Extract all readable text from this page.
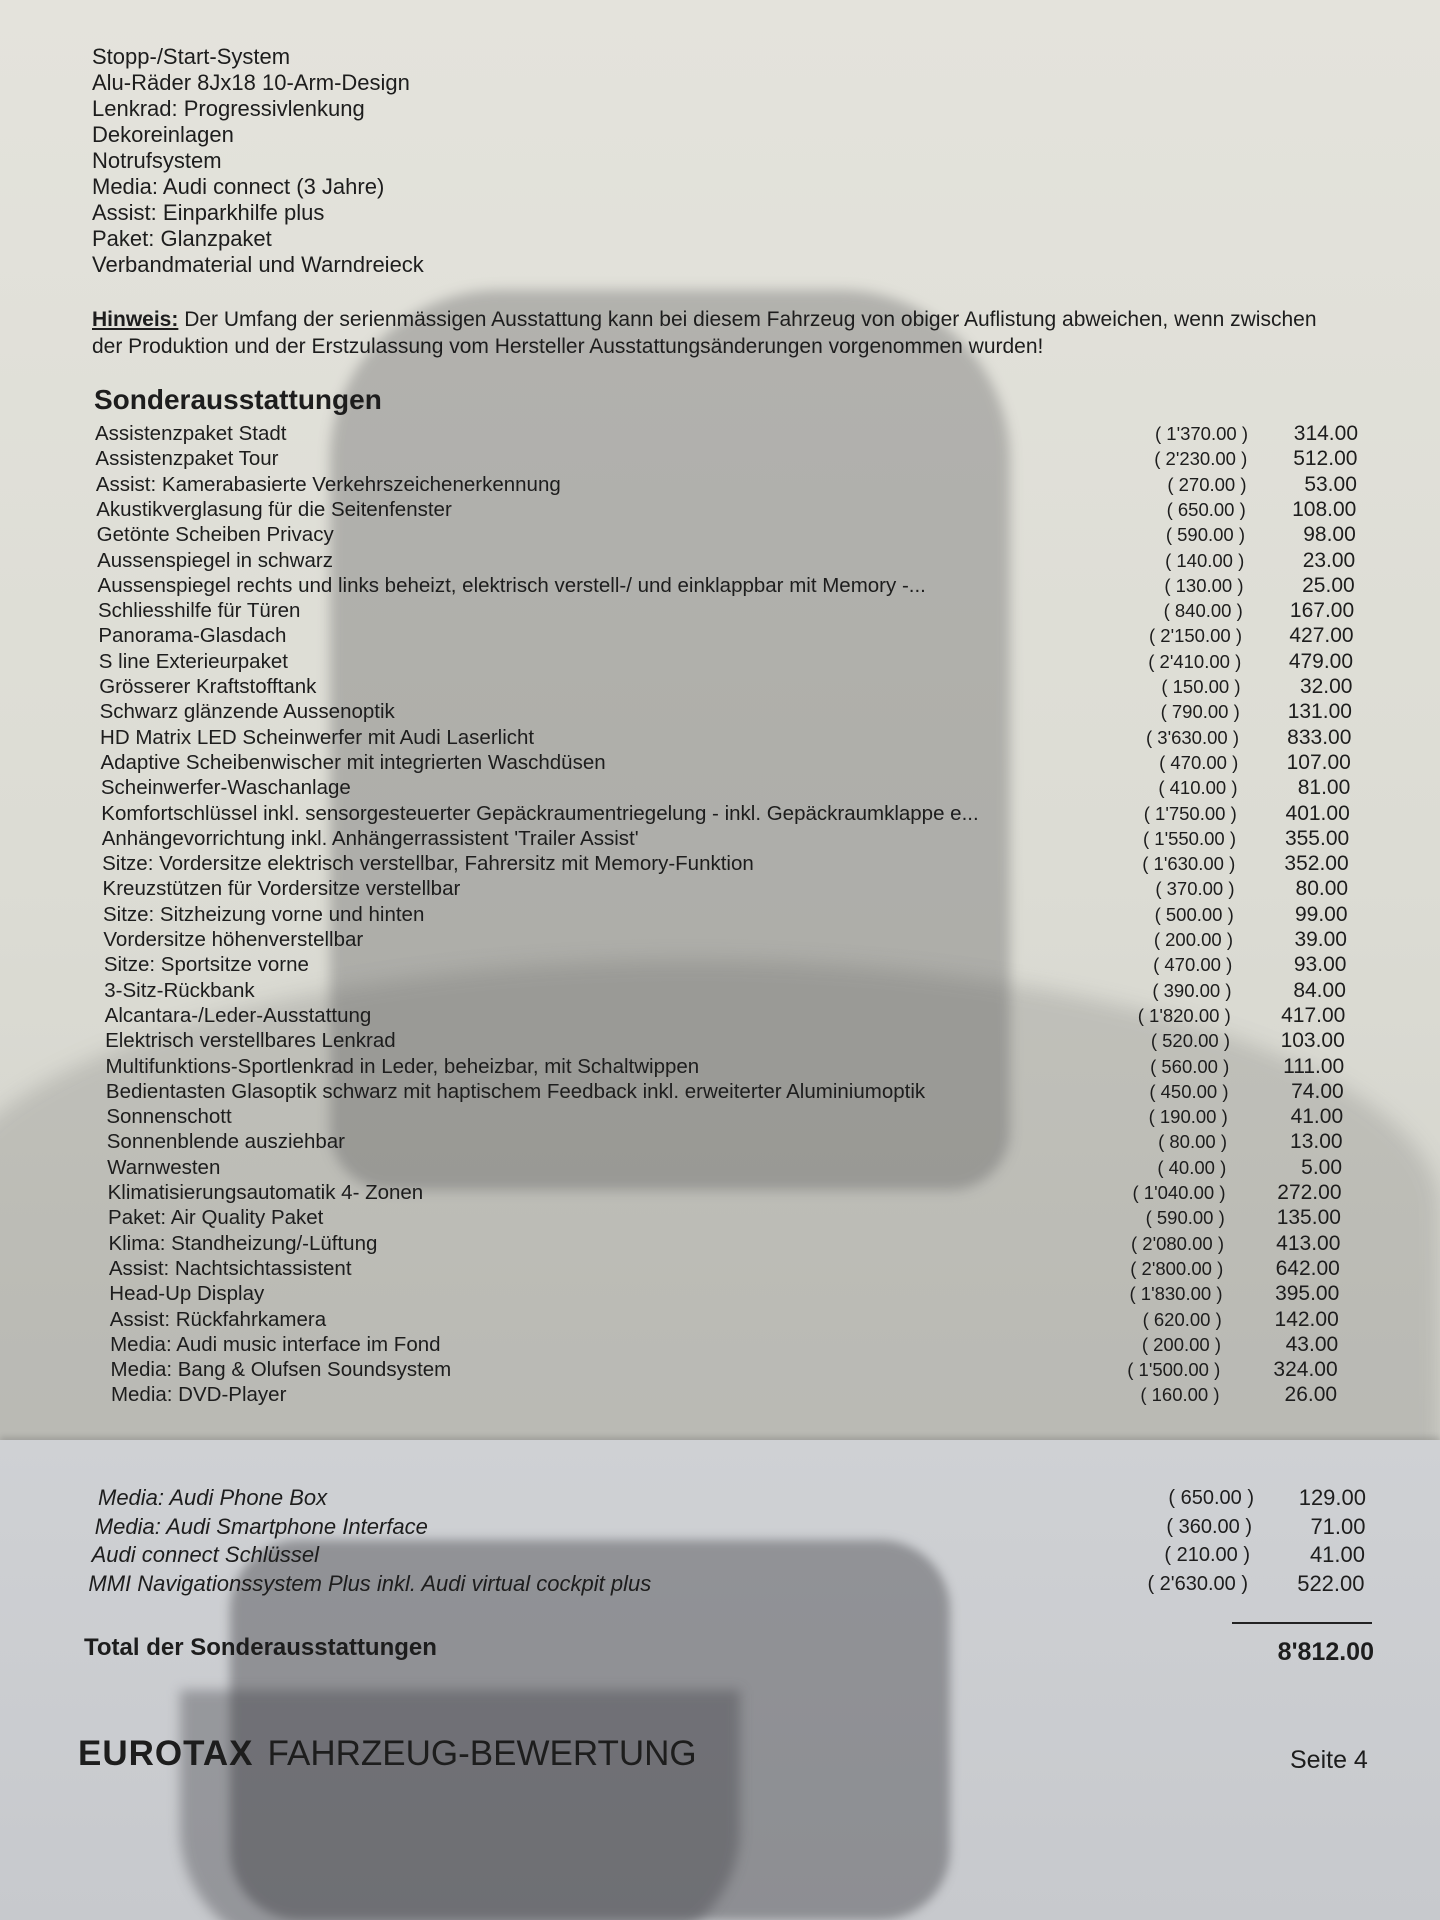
Stopp-/Start-System
Alu-Räder 8Jx18 10-Arm-Design
Lenkrad: Progressivlenkung
Dekoreinlagen
Notrufsystem
Media: Audi connect (3 Jahre)
Assist: Einparkhilfe plus
Paket: Glanzpaket
Verbandmaterial und Warndreieck
Hinweis: Der Umfang der serienmässigen Ausstattung kann bei diesem Fahrzeug von obiger Auflistung abweichen, wenn zwischen der Produktion und der Erstzulassung vom Hersteller Ausstattungsänderungen vorgenommen wurden!
Sonderausstattungen
Assistenzpaket Stadt	( 1'370.00 )	314.00
Assistenzpaket Tour	( 2'230.00 )	512.00
Assist: Kamerabasierte Verkehrszeichenerkennung	( 270.00 )	53.00
Akustikverglasung für die Seitenfenster	( 650.00 )	108.00
Getönte Scheiben Privacy	( 590.00 )	98.00
Aussenspiegel in schwarz	( 140.00 )	23.00
Aussenspiegel rechts und links beheizt, elektrisch verstell-/ und einklappbar mit Memory -...	( 130.00 )	25.00
Schliesshilfe für Türen	( 840.00 )	167.00
Panorama-Glasdach	( 2'150.00 )	427.00
S line Exterieurpaket	( 2'410.00 )	479.00
Grösserer Kraftstofftank	( 150.00 )	32.00
Schwarz glänzende Aussenoptik	( 790.00 )	131.00
HD Matrix LED Scheinwerfer mit Audi Laserlicht	( 3'630.00 )	833.00
Adaptive Scheibenwischer mit integrierten Waschdüsen	( 470.00 )	107.00
Scheinwerfer-Waschanlage	( 410.00 )	81.00
Komfortschlüssel inkl. sensorgesteuerter Gepäckraumentriegelung - inkl. Gepäckraumklappe e...	( 1'750.00 )	401.00
Anhängevorrichtung inkl. Anhängerrassistent 'Trailer Assist'	( 1'550.00 )	355.00
Sitze: Vordersitze elektrisch verstellbar, Fahrersitz mit Memory-Funktion	( 1'630.00 )	352.00
Kreuzstützen für Vordersitze verstellbar	( 370.00 )	80.00
Sitze: Sitzheizung vorne und hinten	( 500.00 )	99.00
Vordersitze höhenverstellbar	( 200.00 )	39.00
Sitze: Sportsitze vorne	( 470.00 )	93.00
3-Sitz-Rückbank	( 390.00 )	84.00
Alcantara-/Leder-Ausstattung	( 1'820.00 )	417.00
Elektrisch verstellbares Lenkrad	( 520.00 )	103.00
Multifunktions-Sportlenkrad in Leder, beheizbar, mit Schaltwippen	( 560.00 )	111.00
Bedientasten Glasoptik schwarz mit haptischem Feedback inkl. erweiterter Aluminiumoptik	( 450.00 )	74.00
Sonnenschott	( 190.00 )	41.00
Sonnenblende ausziehbar	( 80.00 )	13.00
Warnwesten	( 40.00 )	5.00
Klimatisierungsautomatik 4- Zonen	( 1'040.00 )	272.00
Paket: Air Quality Paket	( 590.00 )	135.00
Klima: Standheizung/-Lüftung	( 2'080.00 )	413.00
Assist: Nachtsichtassistent	( 2'800.00 )	642.00
Head-Up Display	( 1'830.00 )	395.00
Assist: Rückfahrkamera	( 620.00 )	142.00
Media: Audi music interface im Fond	( 200.00 )	43.00
Media: Bang & Olufsen Soundsystem	( 1'500.00 )	324.00
Media: DVD-Player	( 160.00 )	26.00
Media: Audi Phone Box	( 650.00 )	129.00
Media: Audi Smartphone Interface	( 360.00 )	71.00
Audi connect Schlüssel	( 210.00 )	41.00
MMI Navigationssystem Plus inkl. Audi virtual cockpit plus	( 2'630.00 )	522.00
Total der Sonderausstattungen	8'812.00
EUROTAX FAHRZEUG-BEWERTUNG	Seite 4
